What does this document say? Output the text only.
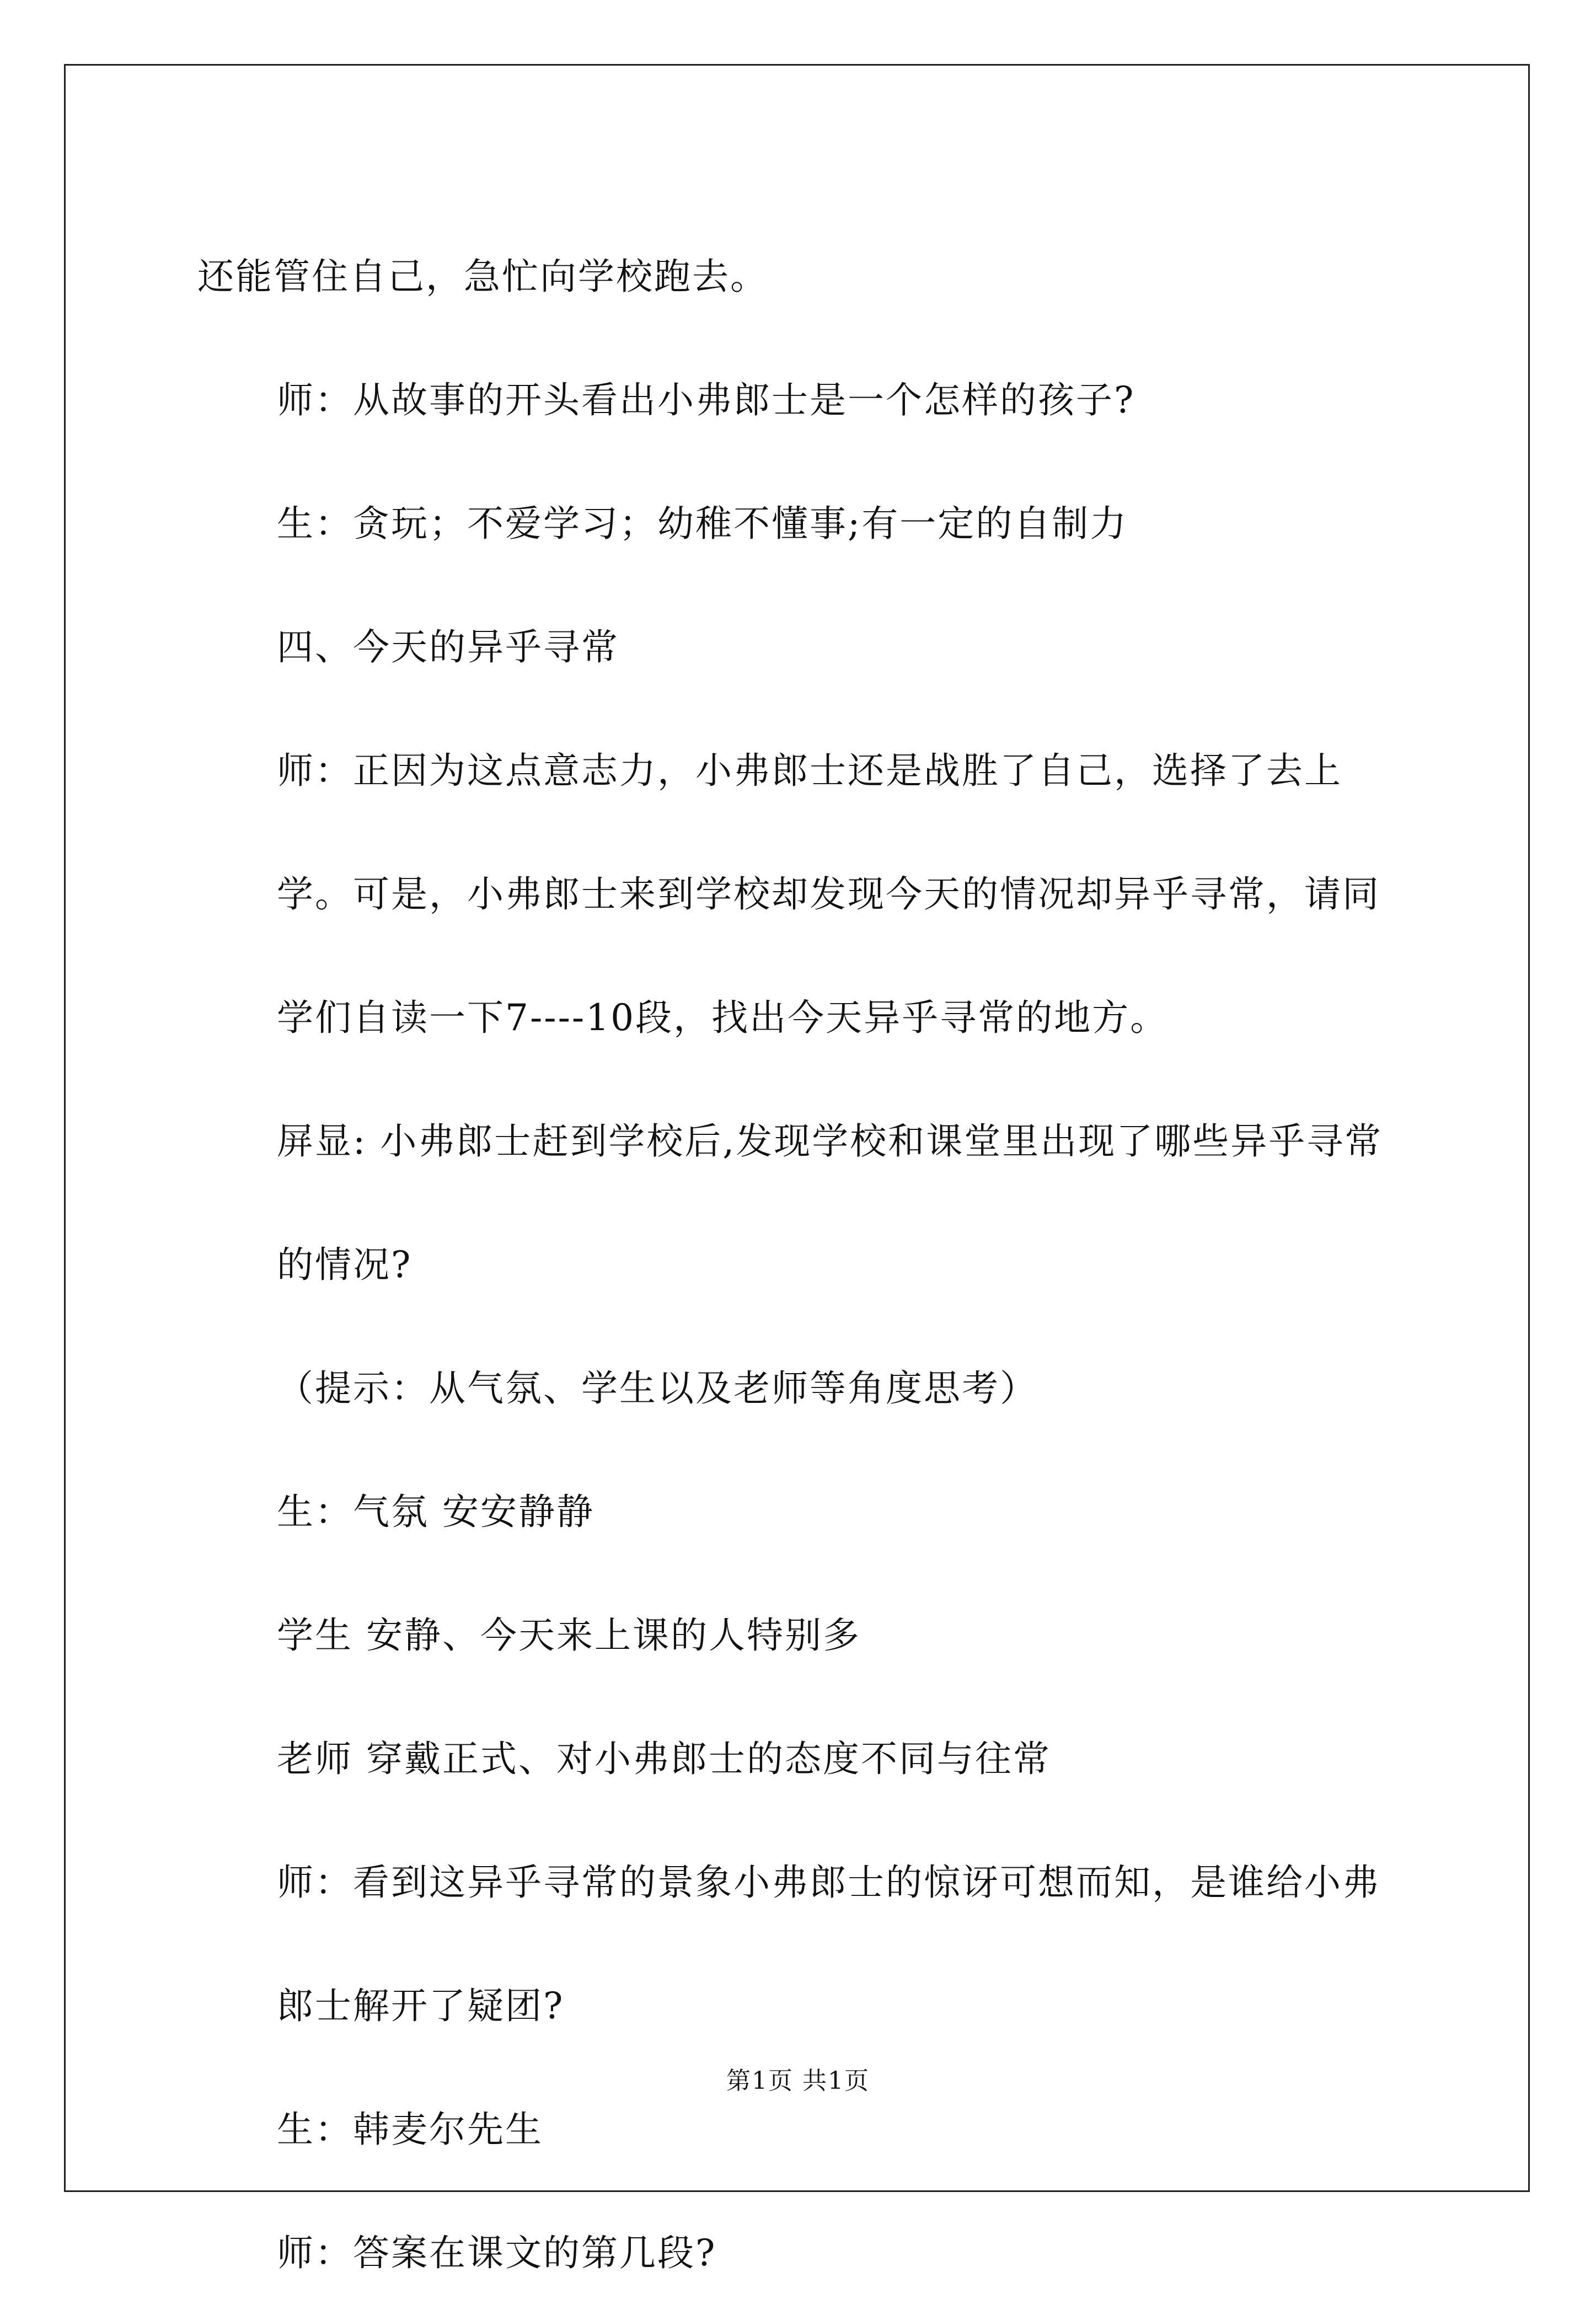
还能管住自己，急忙向学校跑去。

师：从故事的开头看出小弗郎士是一个怎样的孩子?

生：贪玩；不爱学习；幼稚不懂事;有一定的自制力

四、今天的异乎寻常

师：正因为这点意志力，小弗郎士还是战胜了自己，选择了去上学。可是，小弗郎士来到学校却发现今天的情况却异乎寻常，请同学们自读一下7----10段，找出今天异乎寻常的地方。

屏显: 小弗郎士赶到学校后,发现学校和课堂里出现了哪些异乎寻常的情况?

（提示：从气氛、学生以及老师等角度思考）

生：气氛 安安静静

学生 安静、今天来上课的人特别多

老师 穿戴正式、对小弗郎士的态度不同与往常

师：看到这异乎寻常的景象小弗郎士的惊讶可想而知，是谁给小弗郎士解开了疑团?

生：韩麦尔先生

师：答案在课文的第几段?

第1页 共1页
